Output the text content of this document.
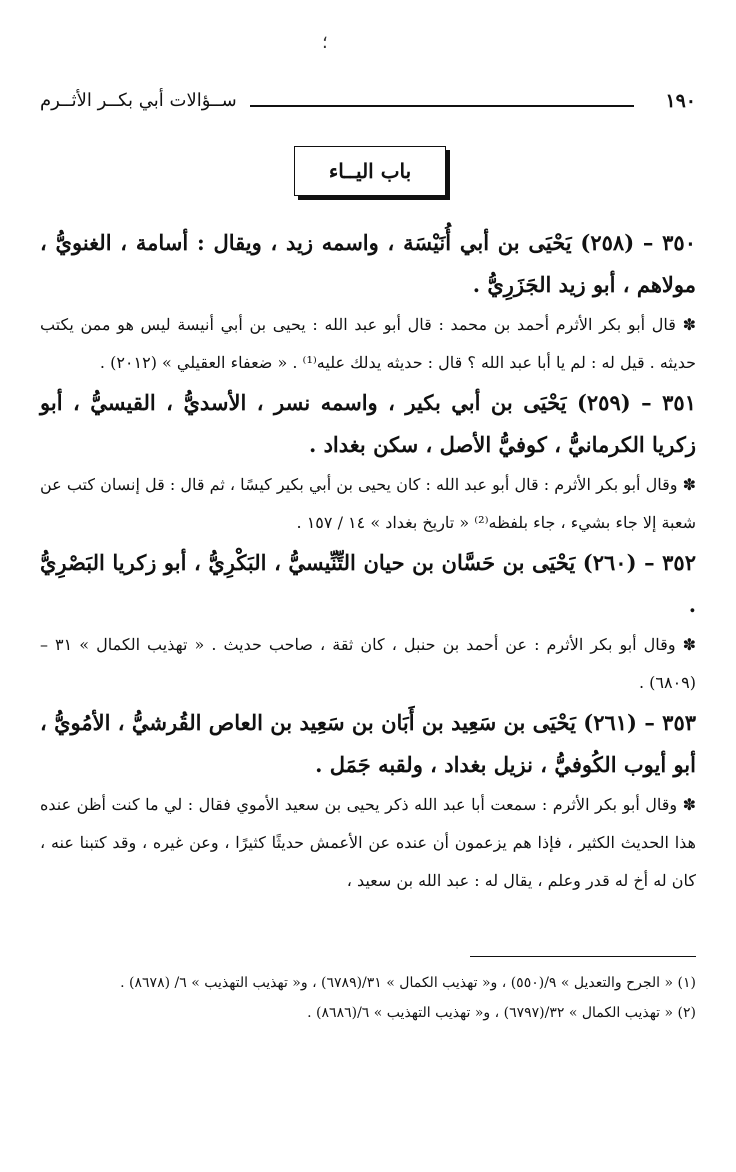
؛
١٩٠
ســؤالات أبي بكــر الأثــرم
باب اليــاء

٣٥٠ – (٢٥٨) يَحْيَى بن أبي أُنَيْسَة ، واسمه زيد ، ويقال : أسامة ، الغنويُّ ، مولاهم ، أبو زيد الجَزَرِيُّ .

✽ قال أبو بكر الأثرم أحمد بن محمد : قال أبو عبد الله : يحيى بن أبي أنيسة ليس هو ممن يكتب حديثه . قيل له : لم يا أبا عبد الله ؟ قال : حديثه يدلك عليه⁽¹⁾ . « ضعفاء العقيلي » (٢٠١٢) .

٣٥١ – (٢٥٩) يَحْيَى بن أبي بكير ، واسمه نسر ، الأسديُّ ، القيسيُّ ، أبو زكريا الكرمانيُّ ، كوفيُّ الأصل ، سكن بغداد .

✽ وقال أبو بكر الأثرم : قال أبو عبد الله : كان يحيى بن أبي بكير كيسًا ، ثم قال : قل إنسان كتب عن شعبة إلا جاء بشيء ، جاء بلفظه⁽²⁾ « تاريخ بغداد » ١٤ / ١٥٧ .

٣٥٢ – (٢٦٠) يَحْيَى بن حَسَّان بن حيان التِّنِّيسيُّ ، البَكْرِيُّ ، أبو زكريا البَصْرِيُّ .

✽ وقال أبو بكر الأثرم : عن أحمد بن حنبل ، كان ثقة ، صاحب حديث . « تهذيب الكمال » ٣١ – (٦٨٠٩) .

٣٥٣ – (٢٦١) يَحْيَى بن سَعِيد بن أَبَان بن سَعِيد بن العاص القُرشيُّ ، الأمُويُّ ، أبو أيوب الكُوفيُّ ، نزيل بغداد ، ولقبه جَمَل .

✽ وقال أبو بكر الأثرم : سمعت أبا عبد الله ذكر يحيى بن سعيد الأموي فقال : لي ما كنت أظن عنده هذا الحديث الكثير ، فإذا هم يزعمون أن عنده عن الأعمش حديثًا كثيرًا ، وعن غيره ، وقد كتبنا عنه ، كان له أخ له قدر وعلم ، يقال له : عبد الله بن سعيد ،

(١) « الجرح والتعديل » ٩/(٥٥٠) ، و« تهذيب الكمال » ٣١/(٦٧٨٩) ، و« تهذيب التهذيب » ٦/ (٨٦٧٨) .

(٢) « تهذيب الكمال » ٣٢/(٦٧٩٧) ، و« تهذيب التهذيب » ٦/(٨٦٨٦) .
